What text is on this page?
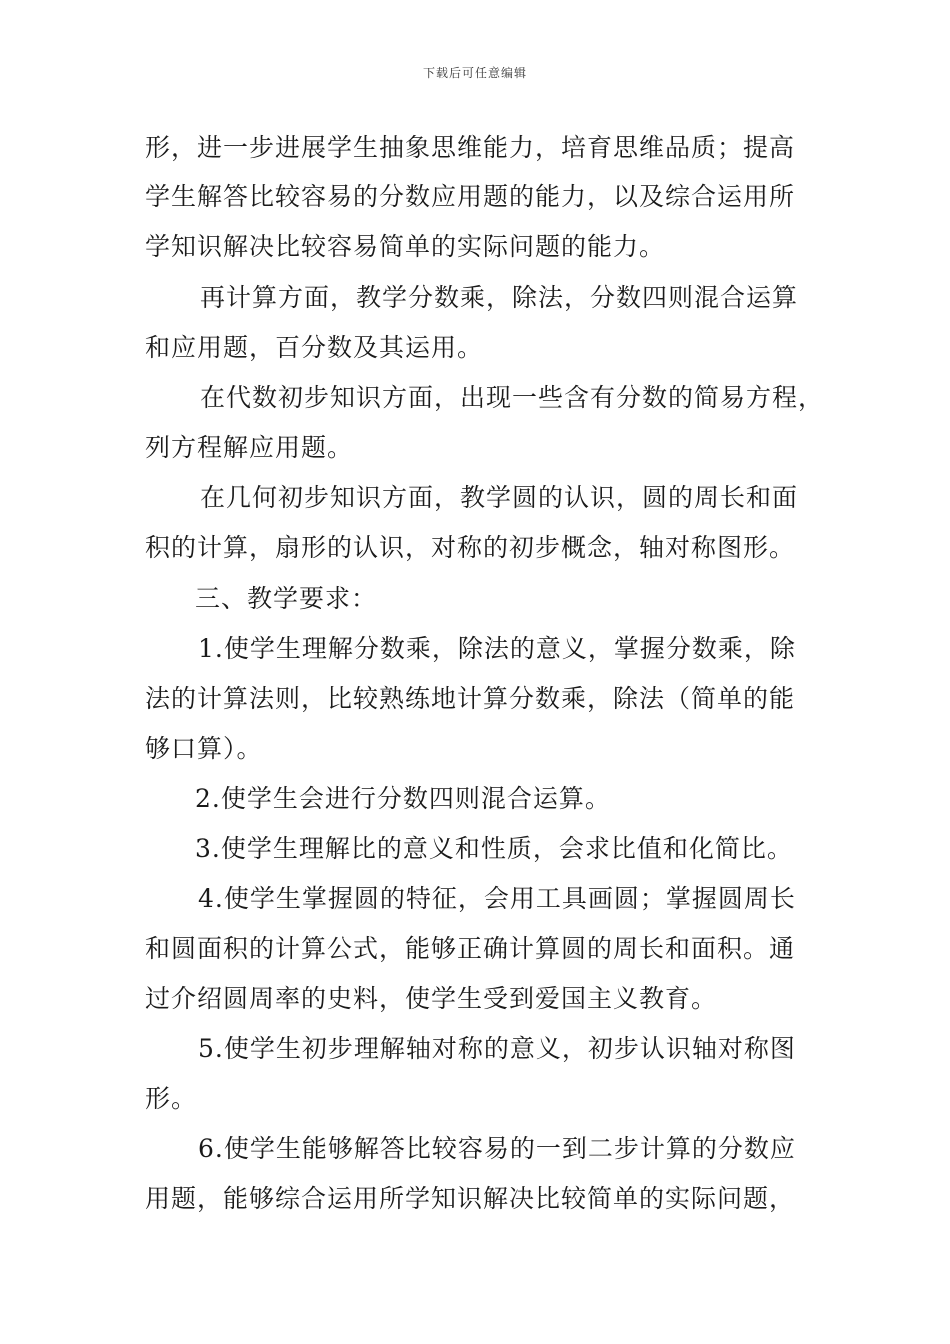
下载后可任意编辑
形，进一步进展学生抽象思维能力，培育思维品质；提高
学生解答比较容易的分数应用题的能力，以及综合运用所
学知识解决比较容易简单的实际问题的能力。
再计算方面，教学分数乘，除法，分数四则混合运算
和应用题，百分数及其运用。
在代数初步知识方面，出现一些含有分数的简易方程，
列方程解应用题。
在几何初步知识方面，教学圆的认识，圆的周长和面
积的计算，扇形的认识，对称的初步概念，轴对称图形。
三、教学要求：
1.使学生理解分数乘，除法的意义，掌握分数乘，除
法的计算法则，比较熟练地计算分数乘，除法（简单的能
够口算）。
2.使学生会进行分数四则混合运算。
3.使学生理解比的意义和性质，会求比值和化简比。
4.使学生掌握圆的特征，会用工具画圆；掌握圆周长
和圆面积的计算公式，能够正确计算圆的周长和面积。通
过介绍圆周率的史料，使学生受到爱国主义教育。
5.使学生初步理解轴对称的意义，初步认识轴对称图
形。
6.使学生能够解答比较容易的一到二步计算的分数应
用题，能够综合运用所学知识解决比较简单的实际问题，
